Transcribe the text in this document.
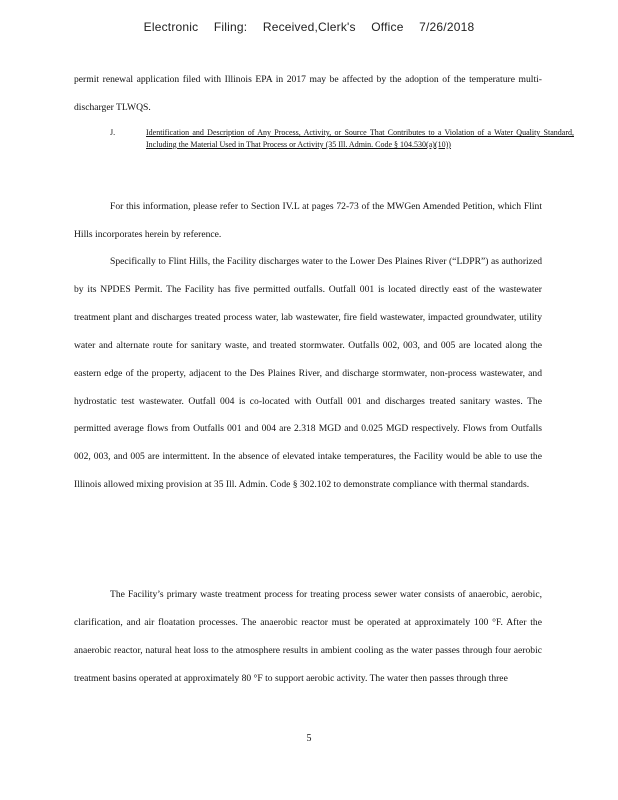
Electronic Filing: Received,Clerk's Office 7/26/2018
permit renewal application filed with Illinois EPA in 2017 may be affected by the adoption of the temperature multi-discharger TLWQS.
J.	Identification and Description of Any Process, Activity, or Source That Contributes to a Violation of a Water Quality Standard, Including the Material Used in That Process or Activity (35 Ill. Admin. Code § 104.530(a)(10))
For this information, please refer to Section IV.L at pages 72-73 of the MWGen Amended Petition, which Flint Hills incorporates herein by reference.
Specifically to Flint Hills, the Facility discharges water to the Lower Des Plaines River (“LDPR”) as authorized by its NPDES Permit. The Facility has five permitted outfalls. Outfall 001 is located directly east of the wastewater treatment plant and discharges treated process water, lab wastewater, fire field wastewater, impacted groundwater, utility water and alternate route for sanitary waste, and treated stormwater. Outfalls 002, 003, and 005 are located along the eastern edge of the property, adjacent to the Des Plaines River, and discharge stormwater, non-process wastewater, and hydrostatic test wastewater. Outfall 004 is co-located with Outfall 001 and discharges treated sanitary wastes. The permitted average flows from Outfalls 001 and 004 are 2.318 MGD and 0.025 MGD respectively. Flows from Outfalls 002, 003, and 005 are intermittent. In the absence of elevated intake temperatures, the Facility would be able to use the Illinois allowed mixing provision at 35 Ill. Admin. Code § 302.102 to demonstrate compliance with thermal standards.
The Facility’s primary waste treatment process for treating process sewer water consists of anaerobic, aerobic, clarification, and air floatation processes. The anaerobic reactor must be operated at approximately 100 °F. After the anaerobic reactor, natural heat loss to the atmosphere results in ambient cooling as the water passes through four aerobic treatment basins operated at approximately 80 °F to support aerobic activity. The water then passes through three
5
